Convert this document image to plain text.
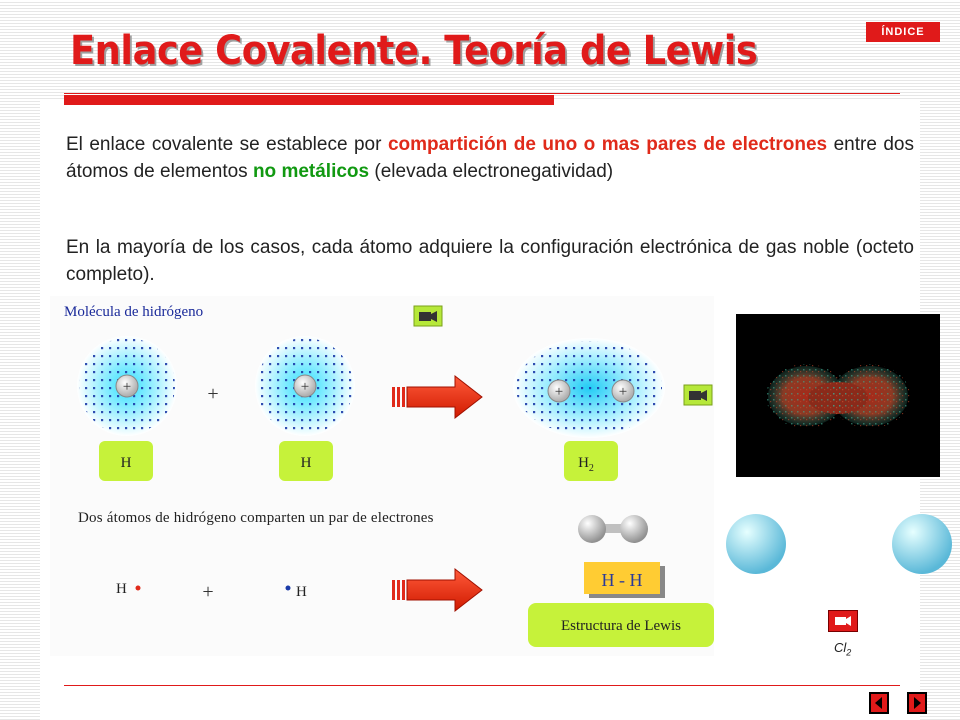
Enlace Covalente. Teoría de Lewis	ÍNDICE
El enlace covalente se establece por compartición de uno o mas pares de electrones entre dos átomos de elementos no metálicos (elevada electronegatividad)
En la mayoría de los casos, cada átomo adquiere la configuración electrónica de gas noble (octeto completo).
Molécula de hidrógeno
+	+	+	+	+
H	H	$H_2$
Dos átomos de hidrógeno comparten un par de electrones
H	+	H
H - H
Estructura de Lewis
$Cl_2$
